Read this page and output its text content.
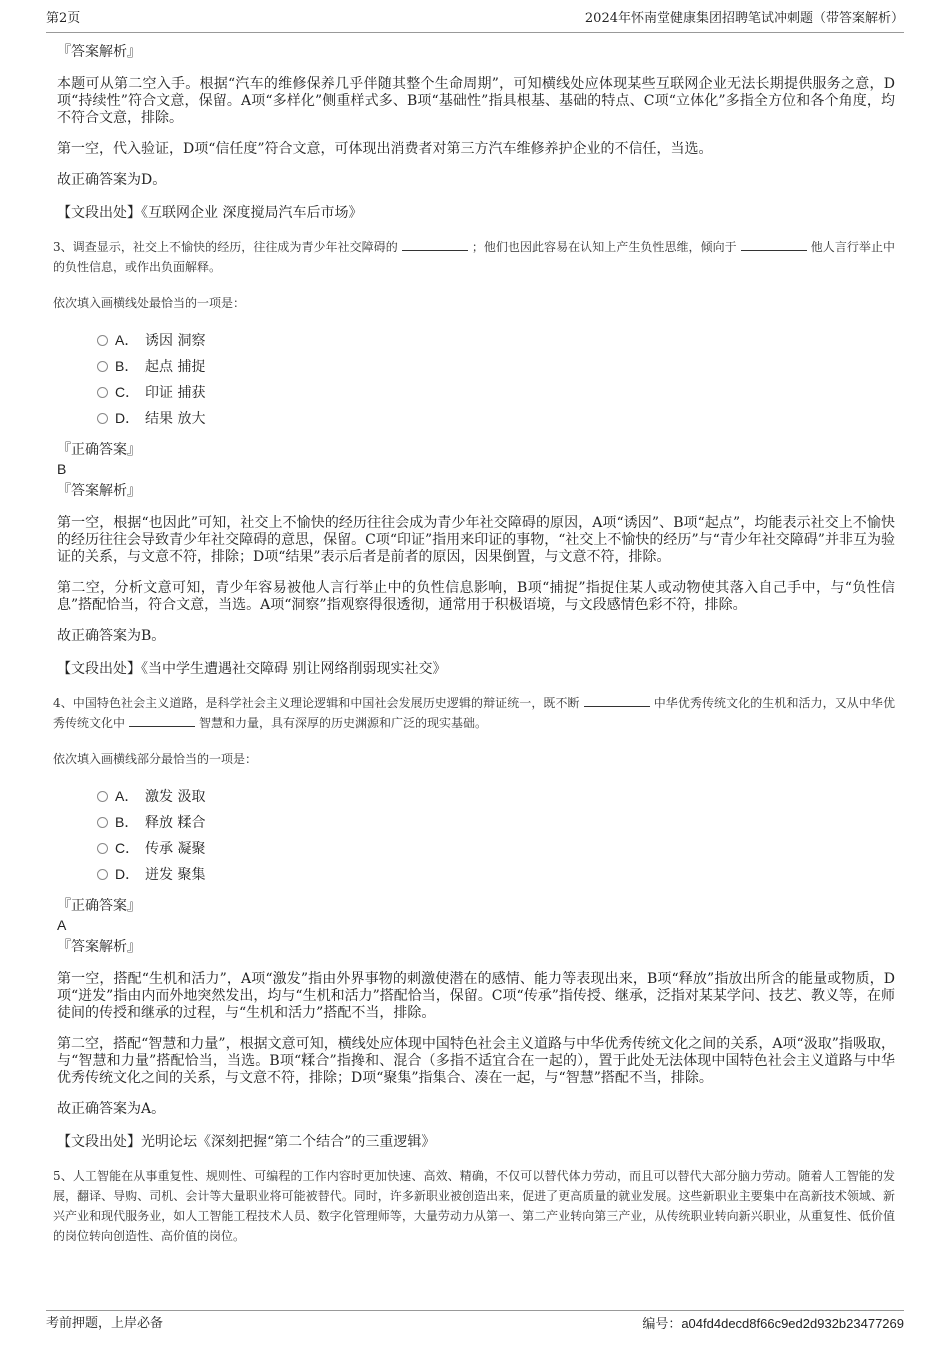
第2页	2024年怀南堂健康集团招聘笔试冲刺题（带答案解析）
『答案解析』

本题可从第二空入手。根据“汽车的维修保养几乎伴随其整个生命周期”，可知横线处应体现某些互联网企业无法长期提供服务之意，D项“持续性”符合文意，保留。A项“多样化”侧重样式多、B项“基础性”指具根基、基础的特点、C项“立体化”多指全方位和各个角度，均不符合文意，排除。

第一空，代入验证，D项“信任度”符合文意，可体现出消费者对第三方汽车维修养护企业的不信任，当选。

故正确答案为D。

【文段出处】《互联网企业 深度搅局汽车后市场》
3、调查显示，社交上不愉快的经历，往往成为青少年社交障碍的	；他们也因此容易在认知上产生负性思维，倾向于	他人言行举止中的负性信息，或作出负面解释。
依次填入画横线处最恰当的一项是：
A． 诱因 洞察
B． 起点 捕捉
C． 印证 捕获
D． 结果 放大
『正确答案』
B
『答案解析』

第一空，根据“也因此”可知，社交上不愉快的经历往往会成为青少年社交障碍的原因，A项“诱因”、B项“起点”，均能表示社交上不愉快的经历往往会导致青少年社交障碍的意思，保留。C项“印证”指用来印证的事物，“社交上不愉快的经历”与“青少年社交障碍”并非互为验证的关系，与文意不符，排除；D项“结果”表示后者是前者的原因，因果倒置，与文意不符，排除。

第二空，分析文意可知，青少年容易被他人言行举止中的负性信息影响，B项“捕捉”指捉住某人或动物使其落入自己手中，与“负性信息”搭配恰当，符合文意，当选。A项“洞察”指观察得很透彻，通常用于积极语境，与文段感情色彩不符，排除。

故正确答案为B。

【文段出处】《当中学生遭遇社交障碍 别让网络削弱现实社交》
4、中国特色社会主义道路，是科学社会主义理论逻辑和中国社会发展历史逻辑的辩证统一，既不断	中华优秀传统文化的生机和活力，又从中华优秀传统文化中	智慧和力量，具有深厚的历史渊源和广泛的现实基础。
依次填入画横线部分最恰当的一项是：
A． 激发 汲取
B． 释放 糅合
C． 传承 凝聚
D． 迸发 聚集
『正确答案』
A
『答案解析』

第一空，搭配“生机和活力”，A项“激发”指由外界事物的刺激使潜在的感情、能力等表现出来，B项“释放”指放出所含的能量或物质，D项“迸发”指由内而外地突然发出，均与“生机和活力”搭配恰当，保留。C项“传承”指传授、继承，泛指对某某学问、技艺、教义等，在师徒间的传授和继承的过程，与“生机和活力”搭配不当，排除。

第二空，搭配“智慧和力量”，根据文意可知，横线处应体现中国特色社会主义道路与中华优秀传统文化之间的关系，A项“汲取”指吸取，与“智慧和力量”搭配恰当，当选。B项“糅合”指搀和、混合（多指不适宜合在一起的），置于此处无法体现中国特色社会主义道路与中华优秀传统文化之间的关系，与文意不符，排除；D项“聚集”指集合、凑在一起，与“智慧”搭配不当，排除。

故正确答案为A。

【文段出处】光明论坛《深刻把握“第二个结合”的三重逻辑》
5、人工智能在从事重复性、规则性、可编程的工作内容时更加快速、高效、精确，不仅可以替代体力劳动，而且可以替代大部分脑力劳动。随着人工智能的发展，翻译、导购、司机、会计等大量职业将可能被替代。同时，许多新职业被创造出来，促进了更高质量的就业发展。这些新职业主要集中在高新技术领域、新兴产业和现代服务业，如人工智能工程技术人员、数字化管理师等，大量劳动力从第一、第二产业转向第三产业，从传统职业转向新兴职业，从重复性、低价值的岗位转向创造性、高价值的岗位。
考前押题，上岸必备	编号：a04fd4decd8f66c9ed2d932b23477269
